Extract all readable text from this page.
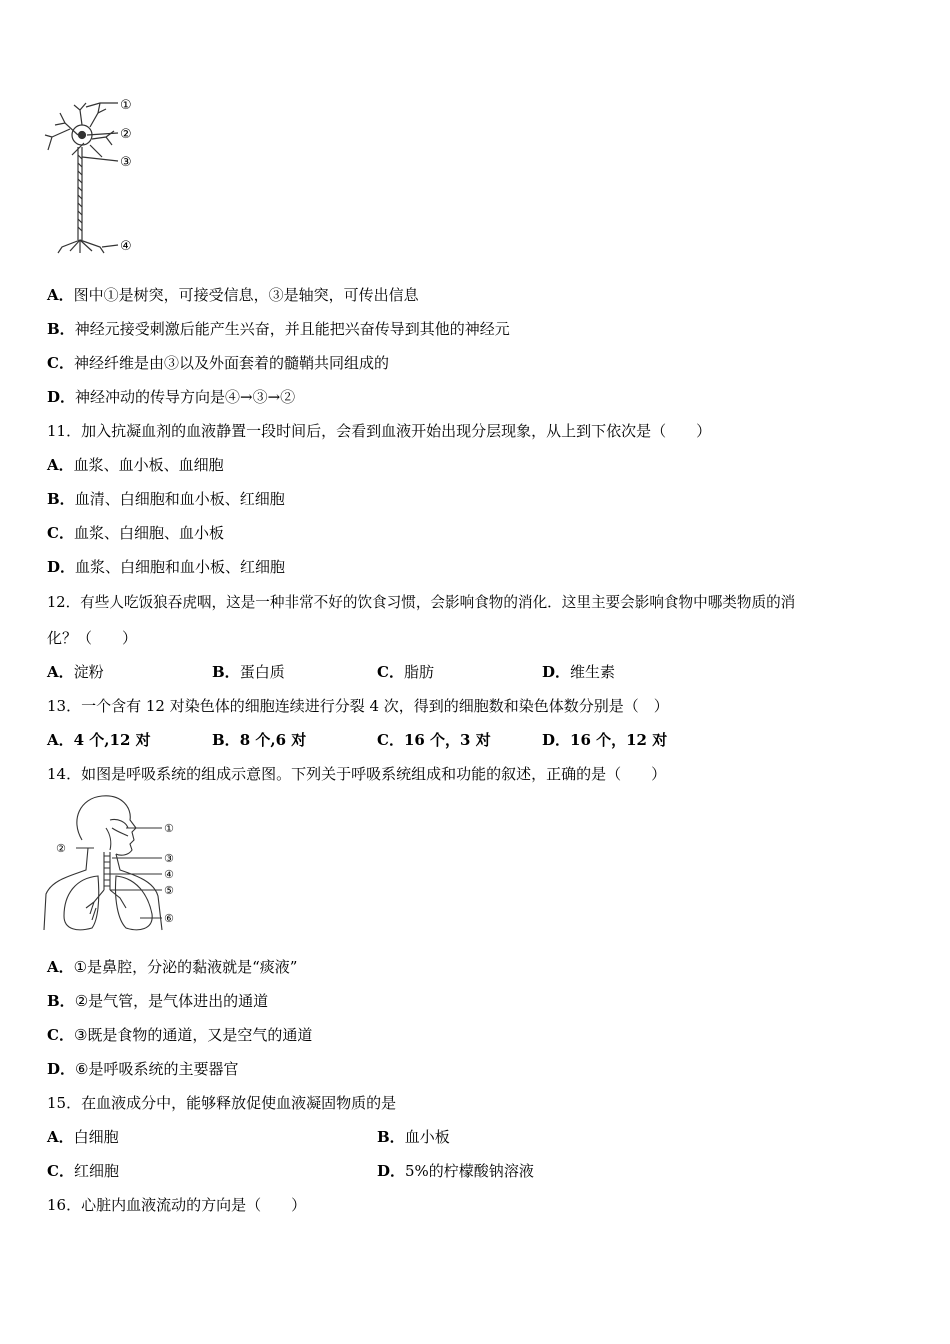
①
②
③
④
A．图中①是树突，可接受信息，③是轴突，可传出信息
B．神经元接受刺激后能产生兴奋，并且能把兴奋传导到其他的神经元
C．神经纤维是由③以及外面套着的髓鞘共同组成的
D．神经冲动的传导方向是④→③→②
11．加入抗凝血剂的血液静置一段时间后，会看到血液开始出现分层现象，从上到下依次是（　　）
A．血浆、血小板、血细胞
B．血清、白细胞和血小板、红细胞
C．血浆、白细胞、血小板
D．血浆、白细胞和血小板、红细胞
12．有些人吃饭狼吞虎咽，这是一种非常不好的饮食习惯，会影响食物的消化．这里主要会影响食物中哪类物质的消
化？（　　）
A．淀粉	B．蛋白质	C．脂肪	D．维生素
13．一个含有 12 对染色体的细胞连续进行分裂 4 次，得到的细胞数和染色体数分别是（　）
A．4 个,12 对	B．8 个,6 对	C．16 个，3 对	D．16 个，12 对
14．如图是呼吸系统的组成示意图。下列关于呼吸系统组成和功能的叙述，正确的是（　　）
①
②
③
④
⑤
⑥
A．①是鼻腔，分泌的黏液就是“痰液”
B．②是气管，是气体进出的通道
C．③既是食物的通道，又是空气的通道
D．⑥是呼吸系统的主要器官
15．在血液成分中，能够释放促使血液凝固物质的是
A．白细胞	B．血小板
C．红细胞	D．5%的柠檬酸钠溶液
16．心脏内血液流动的方向是（　　）
